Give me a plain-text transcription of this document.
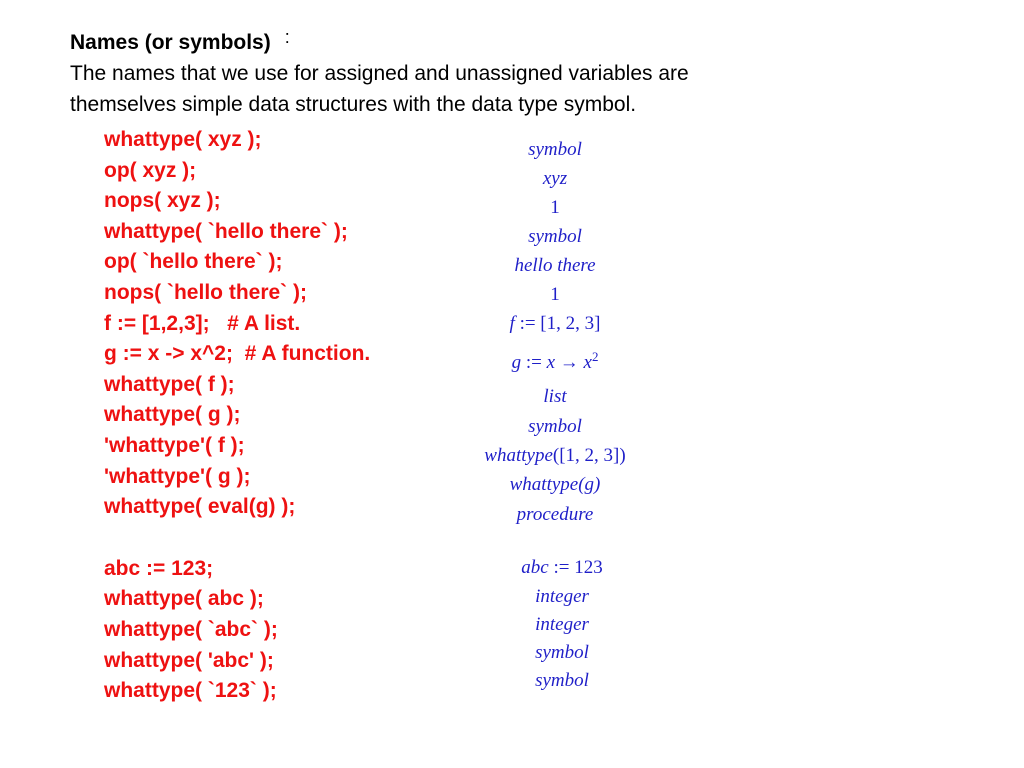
Names (or symbols) :
The names that we use for assigned and unassigned variables are
themselves simple data structures with the data type symbol.
whattype( xyz );
op( xyz );
nops( xyz );
whattype( `hello there` );
op( `hello there` );
nops( `hello there` );
f := [1,2,3];   # A list.
g := x -> x^2;  # A function.
whattype( f );
whattype( g );
'whattype'( f );
'whattype'( g );
whattype( eval(g) );
abc := 123;
whattype( abc );
whattype( `abc` );
whattype( 'abc' );
whattype( `123` );
symbol
xyz
1
symbol
hello there
1
f := [1, 2, 3]
g := $x \to x^2$
list
symbol
whattype([1, 2, 3])
whattype(g)
procedure
abc := 123
integer
integer
symbol
symbol
